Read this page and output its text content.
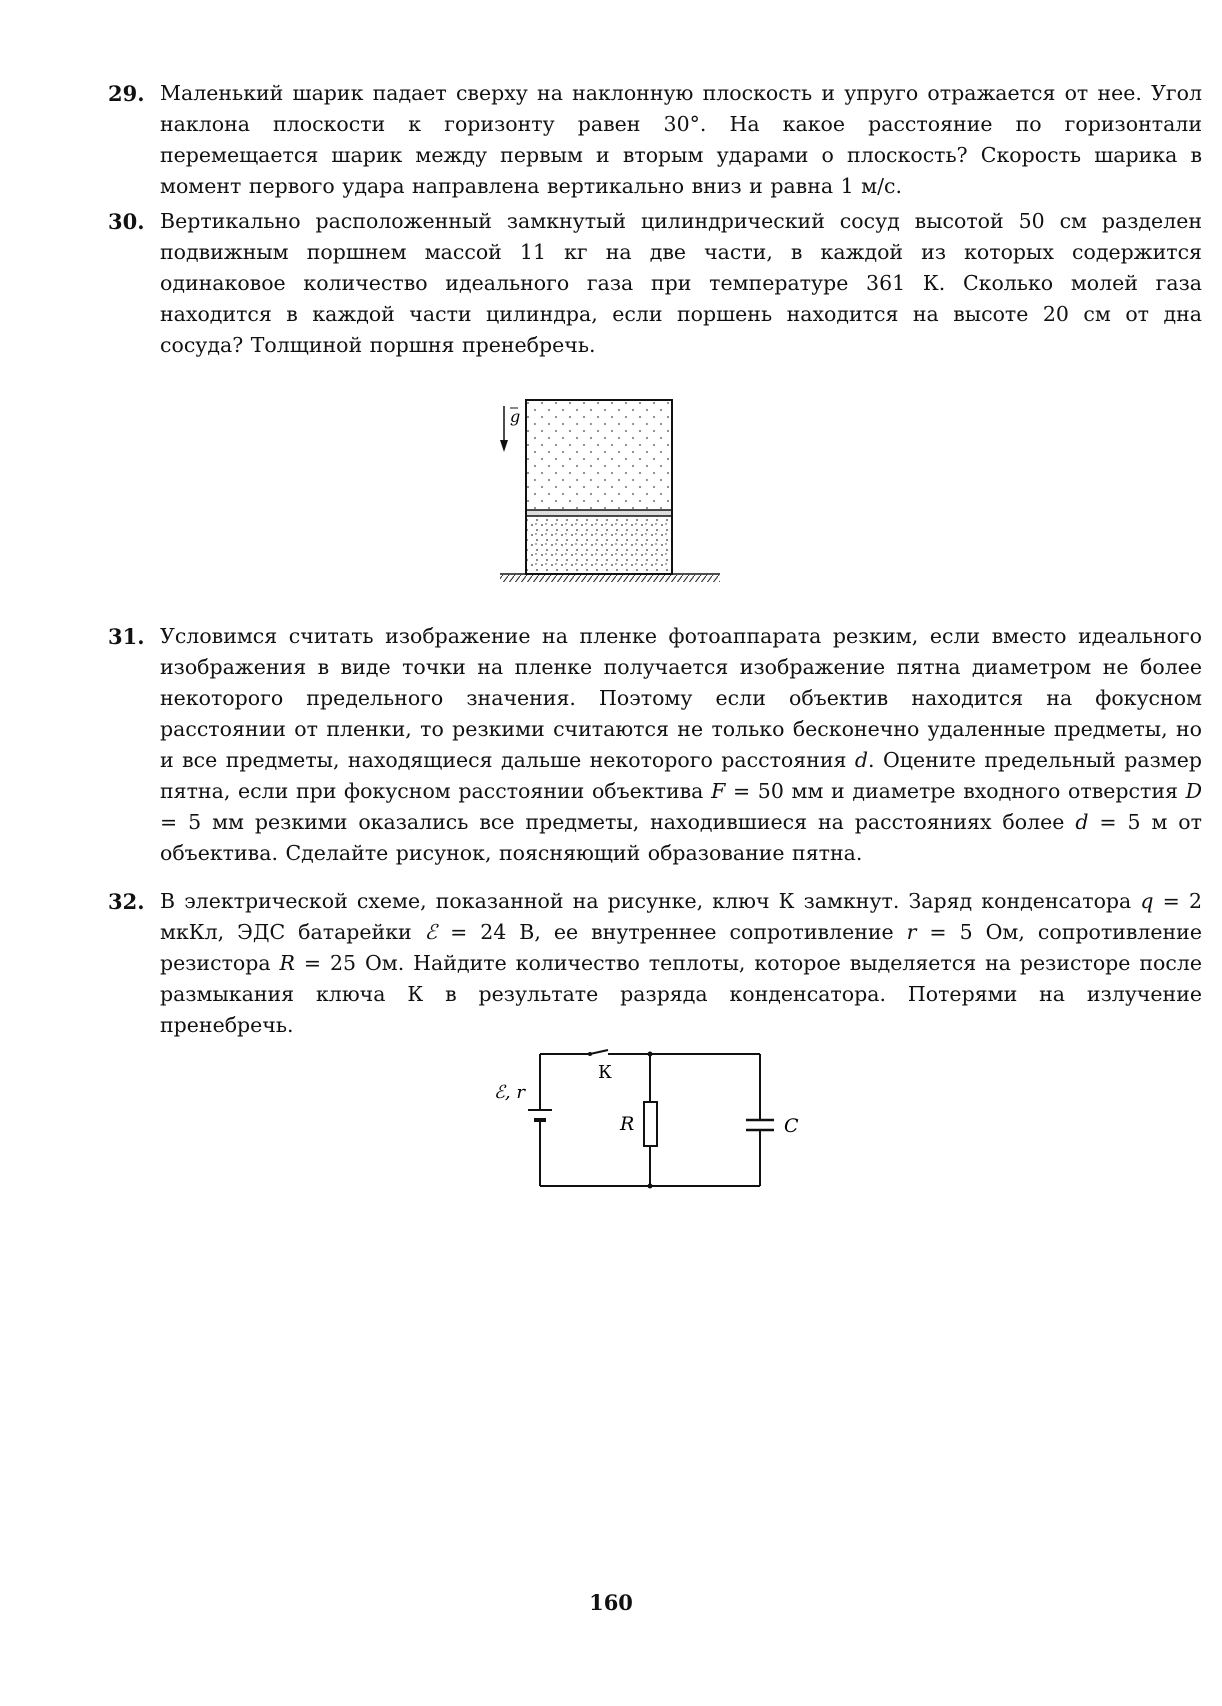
29. Маленький шарик падает сверху на наклонную плоскость и упруго отражается от нее. Угол наклона плоскости к горизонту равен 30°. На какое расстояние по горизонтали перемещается шарик между первым и вторым ударами о плоскость? Скорость шарика в момент первого удара направлена вертикально вниз и равна 1 м/с.
30. Вертикально расположенный замкнутый цилиндрический сосуд высотой 50 см разделен подвижным поршнем массой 11 кг на две части, в каждой из которых содержится одинаковое количество идеального газа при температуре 361 К. Сколько молей газа находится в каждой части цилиндра, если поршень находится на высоте 20 см от дна сосуда? Толщиной поршня пренебречь.
g
31. Условимся считать изображение на пленке фотоаппарата резким, если вместо идеального изображения в виде точки на пленке получается изображение пятна диаметром не более некоторого предельного значения. Поэтому если объектив находится на фокусном расстоянии от пленки, то резкими считаются не только бесконечно удаленные предметы, но и все предметы, находящиеся дальше некоторого расстояния d. Оцените предельный размер пятна, если при фокусном расстоянии объектива F = 50 мм и диаметре входного отверстия D = 5 мм резкими оказались все предметы, находившиеся на расстояниях более d = 5 м от объектива. Сделайте рисунок, поясняющий образование пятна.
32. В электрической схеме, показанной на рисунке, ключ К замкнут. Заряд конденсатора q = 2 мкКл, ЭДС батарейки ℰ = 24 В, ее внутреннее сопротивление r = 5 Ом, сопротивление резистора R = 25 Ом. Найдите количество теплоты, которое выделяется на резисторе после размыкания ключа К в результате разряда конденсатора. Потерями на излучение пренебречь.
К
ℰ, r
R	C
160
